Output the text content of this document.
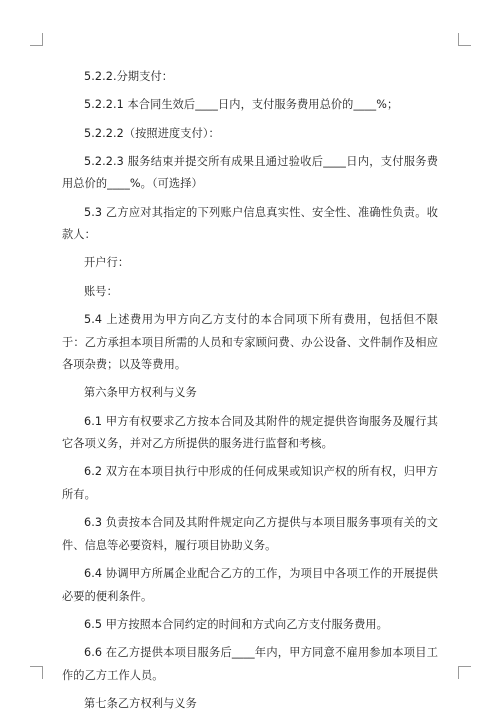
5.2.2.分期支付：

5.2.2.1 本合同生效后____日内，支付服务费用总价的____%；

5.2.2.2（按照进度支付）：

5.2.2.3 服务结束并提交所有成果且通过验收后____日内，支付服务费用总价的____%。（可选择）

5.3 乙方应对其指定的下列账户信息真实性、安全性、准确性负责。收款人：

开户行：

账号：

5.4 上述费用为甲方向乙方支付的本合同项下所有费用，包括但不限于：乙方承担本项目所需的人员和专家顾问费、办公设备、文件制作及相应各项杂费；以及等费用。

第六条甲方权利与义务

6.1 甲方有权要求乙方按本合同及其附件的规定提供咨询服务及履行其它各项义务，并对乙方所提供的服务进行监督和考核。

6.2 双方在本项目执行中形成的任何成果或知识产权的所有权，归甲方所有。

6.3 负责按本合同及其附件规定向乙方提供与本项目服务事项有关的文件、信息等必要资料，履行项目协助义务。

6.4 协调甲方所属企业配合乙方的工作，为项目中各项工作的开展提供必要的便利条件。

6.5 甲方按照本合同约定的时间和方式向乙方支付服务费用。

6.6 在乙方提供本项目服务后____年内，甲方同意不雇用参加本项目工作的乙方工作人员。

第七条乙方权利与义务
